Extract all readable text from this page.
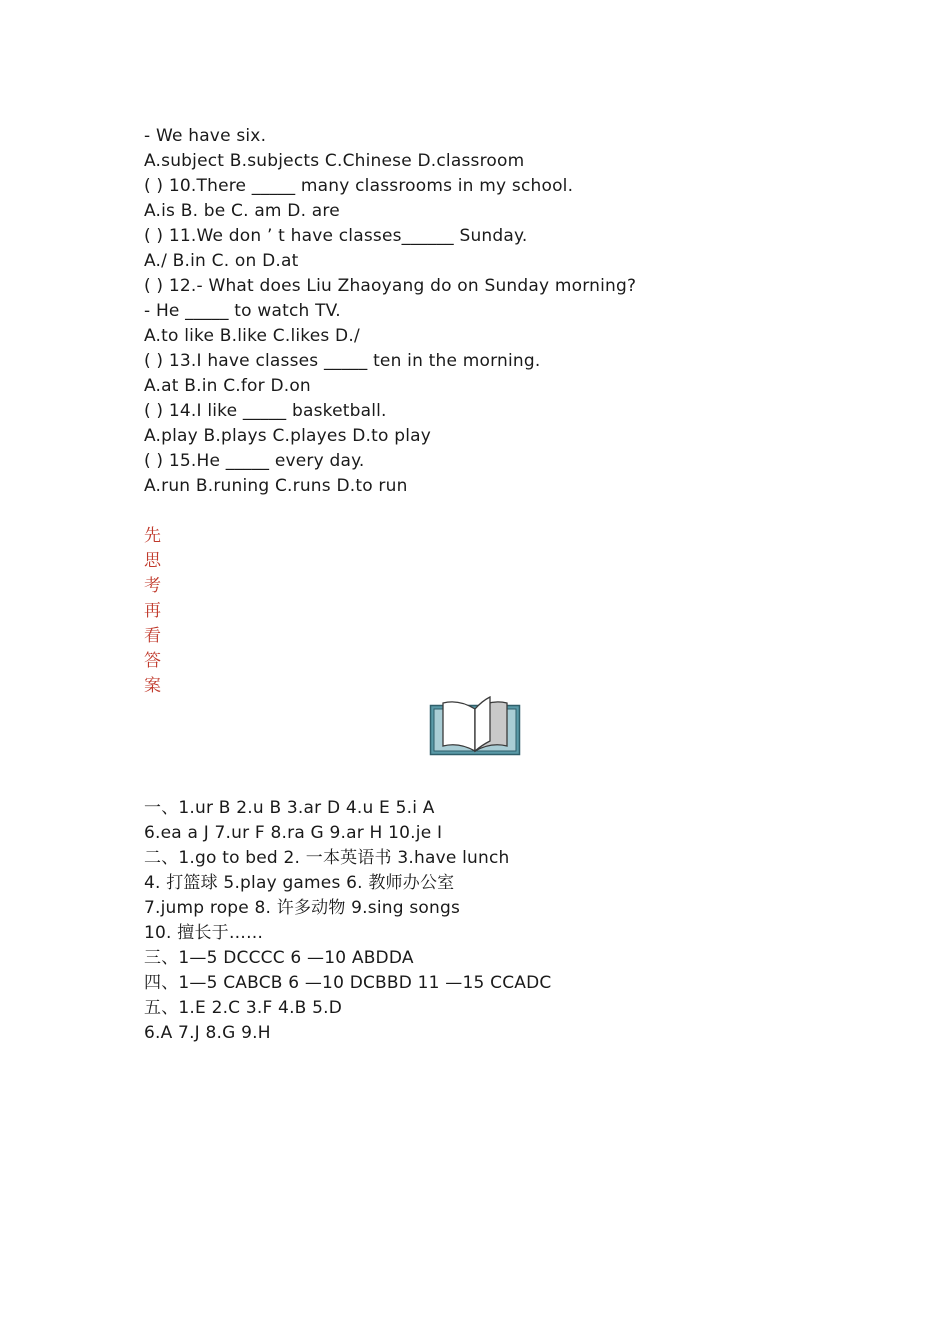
- We have six.
A.subject B.subjects C.Chinese D.classroom
( ) 10.There _____ many classrooms in my school.
A.is B. be C. am D. are
( ) 11.We don ’ t have classes______ Sunday.
A./ B.in C. on D.at
( ) 12.- What does Liu Zhaoyang do on Sunday morning?
- He _____ to watch TV.
A.to like B.like C.likes D./
( ) 13.I have classes _____ ten in the morning.
A.at B.in C.for D.on
( ) 14.I like _____ basketball.
A.play B.plays C.playes D.to play
( ) 15.He _____ every day.
A.run B.runing C.runs D.to run
先
思
考
再
看
答
案
一、1.ur B 2.u B 3.ar D 4.u E 5.i A
6.ea a J 7.ur F 8.ra G 9.ar H 10.je I
二、1.go to bed 2. 一本英语书 3.have lunch
4. 打篮球 5.play games 6. 教师办公室
7.jump rope 8. 许多动物 9.sing songs
10. 擅长于……
三、1—5 DCCCC 6 —10 ABDDA
四、1—5 CABCB 6 —10 DCBBD 11 —15 CCADC
五、1.E 2.C 3.F 4.B 5.D
6.A 7.J 8.G 9.H
